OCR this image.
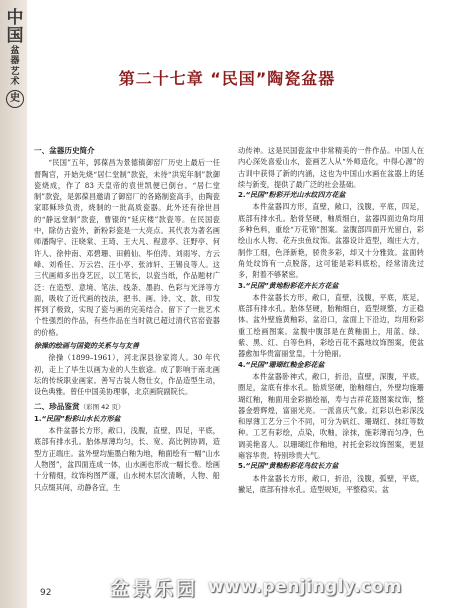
中
国
盆
器
艺
术
史
第二十七章 “民国”陶瓷盆器

一、盆器历史简介

“民国”五年，郭葆昌为景德镇御窑厂历史上最后一任督陶官，开始先烧“居仁堂制”款瓷，未待“洪宪年制”款御瓷烧成，作了 83 天皇帝的袁世凯便已倒台。“居仁堂制”款瓷，是郭葆昌邀请了御窑厂的各路制瓷高手，由陶瓷家耶稣珍负责，烧制的一批高质瓷器。此外还有徐世昌的“静远堂制”款瓷，曹锟的“延庆楼”款瓷等。在民国瓷中，除仿古瓷外，新粉彩瓷是一大亮点。其代表为著名画师潘陶宇、汪晓棠、王琦、王大凡、程意亭、汪野亭、何许人、徐仲南、邓碧珊、田鹤仙、毕伯涛、刘雨岑、方云峰、刘希任、万云岩、汪小亭、张沛轩、王锡良等人。这三代画师多出身艺匠，以工笔长，以瓷当纸，作品题材广泛：在造型、意境、笔法、线条、墨韵、色彩与光泽等方面，吸收了近代画的技法，把书、画、诗、文、款、印发挥到了极致，实现了瓷与画的完美结合。留下了一批艺术个性强烈的作品，有些作品在当时就已超过清代官窑瓷器的价格。

徐操的绘画与国瓷的关系与与友善

徐操（1899–1961），河北深县徐家湾人。30 年代初，走上了毕生以画为业的人生旅途。成了影响于南北画坛的传统职业画家。善写古装人物仕女，作品造型生动，设色典雅。曾任中国美协理事，北京画院副院长。

二、珍品鉴赏（彩图 42 页）

1.“民国”粉彩山水长方形盆

本件盆器长方形，敞口，浅腹，直壁，四足，平底，底部有排水孔。胎体厚薄均匀，长、宽、高比例协调，造型方正端庄。盆外壁均施墨白釉为地，釉面绘有一幅“山水人物图”，盆四面连成一体，山水画也形成一幅长卷。绘画十分精细，纹饰构图严谨，山水树木层次清晰，人物、船只点缀其间，动静各宜，生

动传神。这是民国瓷盆中非常精美的一件作品。中国人在内心深处喜爱山水，瓷画艺人从“外师造化，中得心源”的古训中获得了新的内涵，这也为中国山水画在盆器上的延续与新变，提供了最广泛的社会基础。

2.“民国”粉彩开光山水纹四方花盆

本件盆器四方形，直壁，敞口，浅腹，平底，四足，底部有排水孔。胎骨坚硬，釉质细白，盆器四面边角均用多种色料，重绘“万花锦”图案。盆腹部四面开光留白，彩绘山水人物、花卉虫鱼纹饰。盆器设计造型，端庄大方，制作工细，色泽新艳，骄贵多彩，却又十分雅致。盆面转角处纹饰有一点脱落，这可能是彩料底松，经常清洗过多，附着不够紧密。

3.“民国”黄地粉彩花卉长方花盆

本件盆器长方形，敞口，直壁，浅腹，平底，底足，底部有排水孔。胎体坚硬，胎釉细白，造型规整，方正稳体。盆外壁施黄釉彩，盆沿口，盆面上下沿边，均用粉彩重工绘画图案。盆腹中腹部是在黄釉面上，用蓝、绿、紫、黑、红、白等色料，彩绘百花不露地纹饰图案，使盆器愈加华贵富丽堂皇，十分艳丽。

4.“民国”珊瑚红釉金彩花盆

本件盆器卧神式，敞口，折沿，直壁，深腹，平底，圈足，盆底有排水孔。胎质坚硬，胎釉细白，外壁均施珊瑚红釉，釉面用金彩描绘福，寿与吉祥花篮图案纹饰，整器金碧辉煌，富丽光亮。一派喜庆气象。红彩以色彩深浅和厚薄工艺分三个不同，可分为矾红、珊瑚红、抹红等数种。工艺有彩绘，点染，吹釉，涂抹，施彩薄而匀净，色调美艳喜人。以珊瑚红作釉地，衬托金彩纹饰图案，更显雍容华贵。特别珍贵大气。

5.“民国”黄釉粉彩花鸟纹长方盆

本件盆器长方形，敞口，折沿，浅腹，弧壁，平底，撇足，底部有排水孔。造型规矩，平整稳实。盆

92	盆景乐园 www.penjingly.com
